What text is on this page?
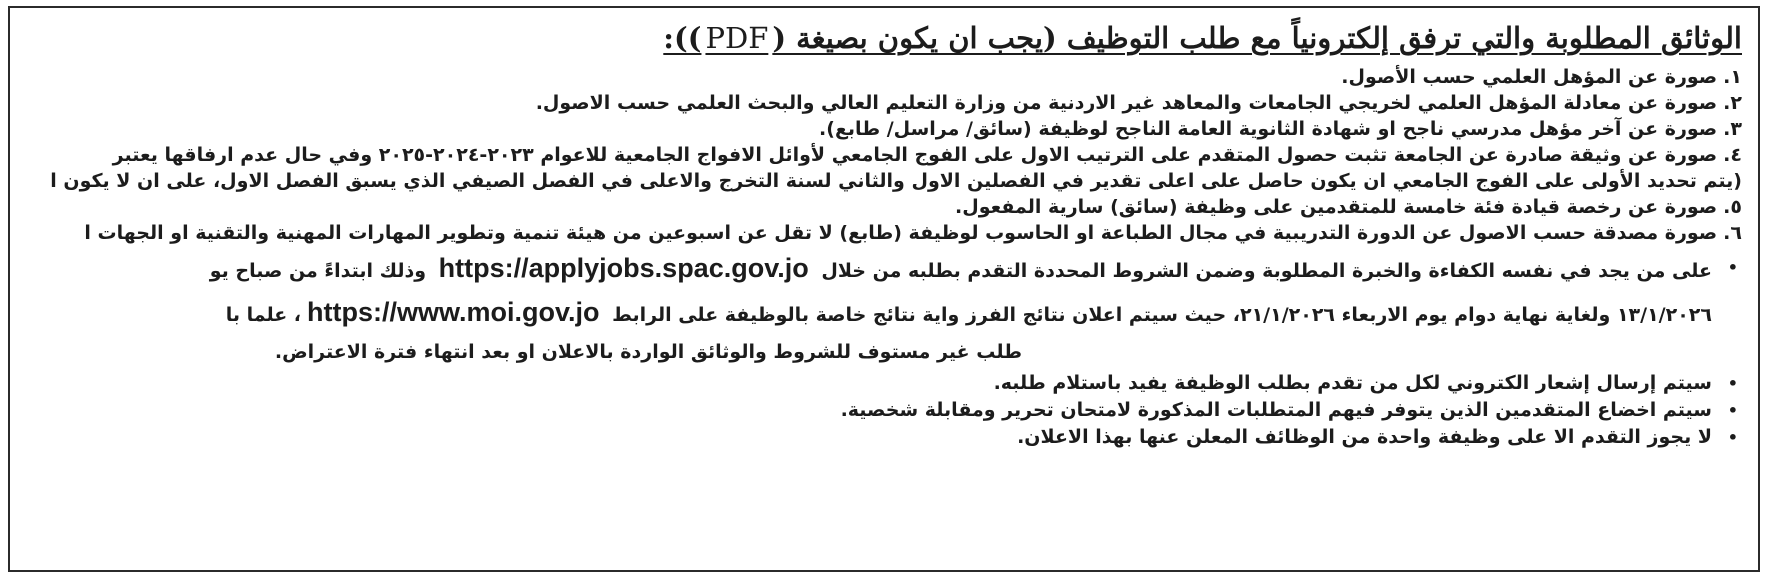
الوثائق المطلوبة والتي ترفق إلكترونياً مع طلب التوظيف (يجب ان يكون بصيغة (PDF)):
١.صورة عن المؤهل العلمي حسب الأصول.
٢.صورة عن معادلة المؤهل العلمي لخريجي الجامعات والمعاهد غير الاردنية من وزارة التعليم العالي والبحث العلمي حسب الاصول.
٣.صورة عن آخر مؤهل مدرسي ناجح او شهادة الثانوية العامة الناجح لوظيفة (سائق/ مراسل/ طابع).
٤.صورة عن وثيقة صادرة عن الجامعة تثبت حصول المتقدم على الترتيب الاول على الفوج الجامعي لأوائل الافواج الجامعية للاعوام ٢٠٢٣-٢٠٢٤-٢٠٢٥ وفي حال عدم ارفاقها يعتبر
(يتم تحديد الأولى على الفوج الجامعي ان يكون حاصل على اعلى تقدير في الفصلين الاول والثاني لسنة التخرج والاعلى في الفصل الصيفي الذي يسبق الفصل الاول، على ان لا يكون ا
٥.صورة عن رخصة قيادة فئة خامسة للمتقدمين على وظيفة (سائق) سارية المفعول.
٦.صورة مصدقة حسب الاصول عن الدورة التدريبية في مجال الطباعة او الحاسوب لوظيفة (طابع) لا تقل عن اسبوعين من هيئة تنمية وتطوير المهارات المهنية والتقنية او الجهات ا
•
على من يجد في نفسه الكفاءة والخبرة المطلوبة وضمن الشروط المحددة التقدم بطلبه من خلال https://applyjobs.spac.gov.jo وذلك ابتداءً من صباح يو
١٣/١/٢٠٢٦ ولغاية نهاية دوام يوم الاربعاء ٢١/١/٢٠٢٦، حيث سيتم اعلان نتائج الفرز واية نتائج خاصة بالوظيفة على الرابط https://www.moi.gov.jo، علما با
طلب غير مستوف للشروط والوثائق الواردة بالاعلان او بعد انتهاء فترة الاعتراض.
•
سيتم إرسال إشعار الكتروني لكل من تقدم بطلب الوظيفة يفيد باستلام طلبه.
•
سيتم اخضاع المتقدمين الذين يتوفر فيهم المتطلبات المذكورة لامتحان تحرير ومقابلة شخصية.
•
لا يجوز التقدم الا على وظيفة واحدة من الوظائف المعلن عنها بهذا الاعلان.
